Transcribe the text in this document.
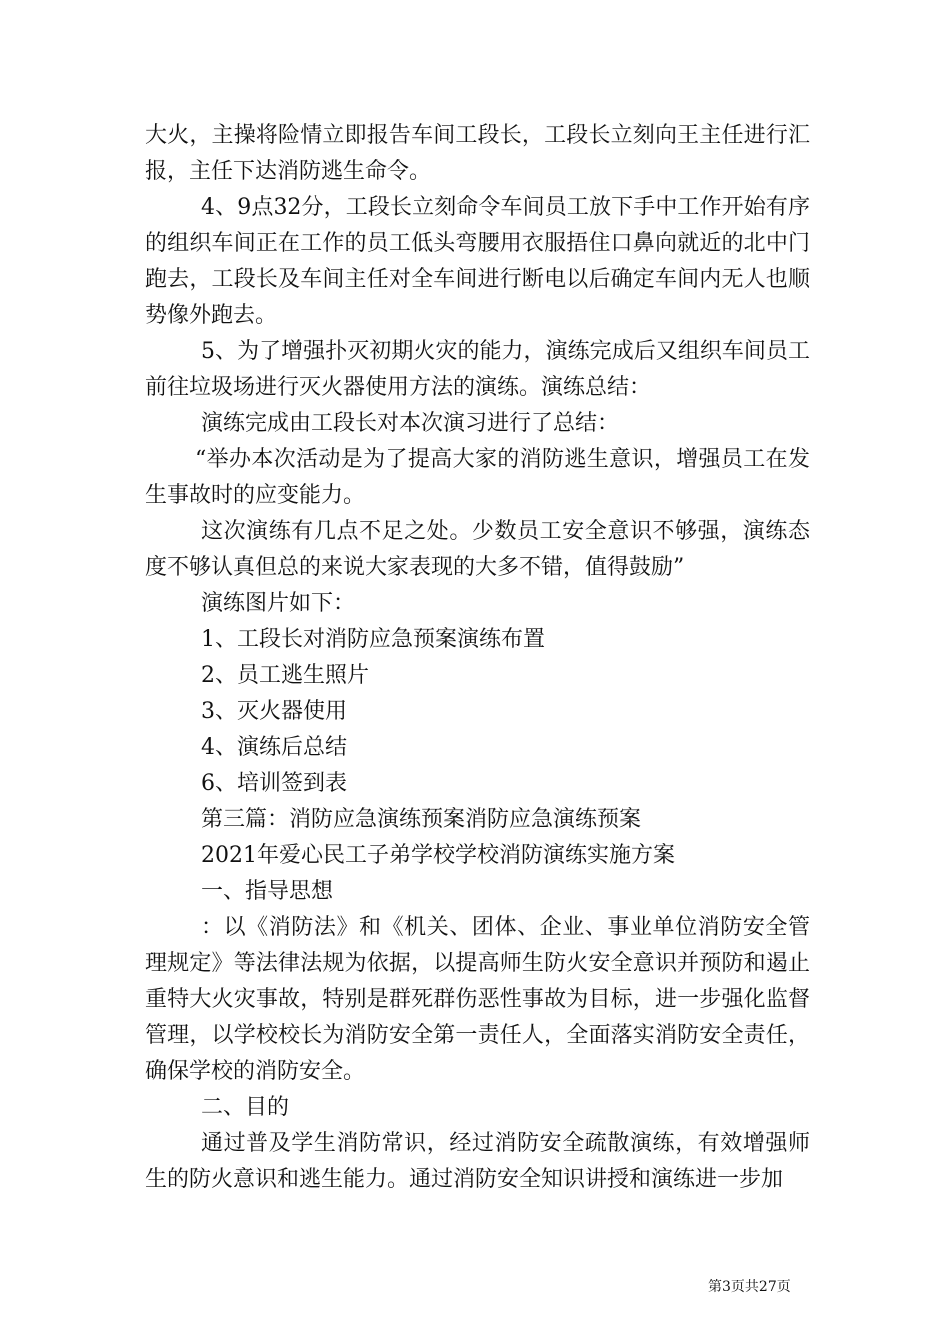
大火，主操将险情立即报告车间工段长，工段长立刻向王主任进行汇报，主任下达消防逃生命令。

4、9点32分，工段长立刻命令车间员工放下手中工作开始有序的组织车间正在工作的员工低头弯腰用衣服捂住口鼻向就近的北中门跑去，工段长及车间主任对全车间进行断电以后确定车间内无人也顺势像外跑去。

5、为了增强扑灭初期火灾的能力，演练完成后又组织车间员工前往垃圾场进行灭火器使用方法的演练。演练总结：

演练完成由工段长对本次演习进行了总结：

“举办本次活动是为了提高大家的消防逃生意识，增强员工在发生事故时的应变能力。

这次演练有几点不足之处。少数员工安全意识不够强，演练态度不够认真但总的来说大家表现的大多不错，值得鼓励”

演练图片如下：

1、工段长对消防应急预案演练布置

2、员工逃生照片

3、灭火器使用

4、演练后总结

6、培训签到表

第三篇：消防应急演练预案消防应急演练预案

2021年爱心民工子弟学校学校消防演练实施方案

一、指导思想

：以《消防法》和《机关、团体、企业、事业单位消防安全管理规定》等法律法规为依据，以提高师生防火安全意识并预防和遏止重特大火灾事故，特别是群死群伤恶性事故为目标，进一步强化监督管理，以学校校长为消防安全第一责任人，全面落实消防安全责任，确保学校的消防安全。

二、目的

通过普及学生消防常识，经过消防安全疏散演练，有效增强师生的防火意识和逃生能力。通过消防安全知识讲授和演练进一步加

第3页共27页
